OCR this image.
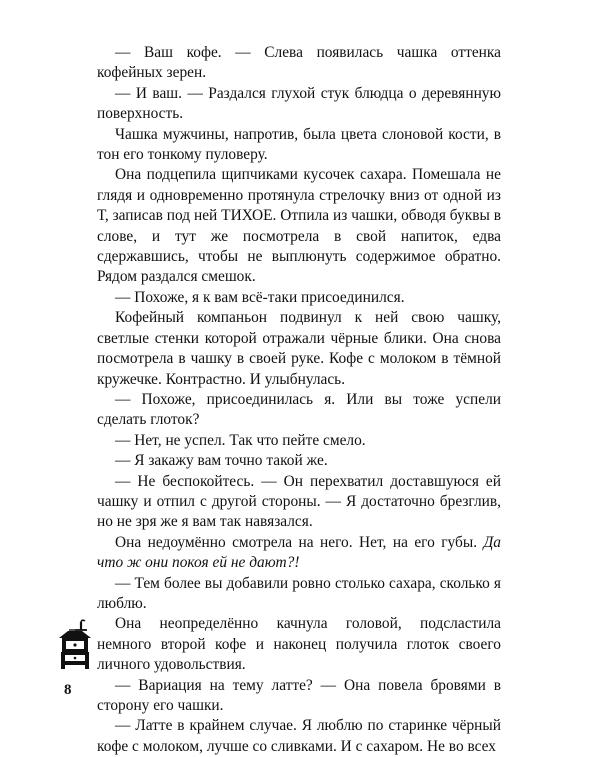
— Ваш кофе. — Слева появилась чашка оттенка кофейных зерен.

— И ваш. — Раздался глухой стук блюдца о деревянную поверхность.

Чашка мужчины, напротив, была цвета слоновой кости, в тон его тонкому пуловеру.

Она подцепила щипчиками кусочек сахара. Помешала не глядя и одновременно протянула стрелочку вниз от одной из Т, записав под ней ТИХОЕ. Отпила из чашки, обводя буквы в слове, и тут же посмотрела в свой напиток, едва сдержавшись, чтобы не выплюнуть содержимое обратно. Рядом раздался смешок.

— Похоже, я к вам всё-таки присоединился.

Кофейный компаньон подвинул к ней свою чашку, светлые стенки которой отражали чёрные блики. Она снова посмотрела в чашку в своей руке. Кофе с молоком в тёмной кружечке. Контрастно. И улыбнулась.

— Похоже, присоединилась я. Или вы тоже успели сделать глоток?

— Нет, не успел. Так что пейте смело.

— Я закажу вам точно такой же.

— Не беспокойтесь. — Он перехватил доставшуюся ей чашку и отпил с другой стороны. — Я достаточно брезглив, но не зря же я вам так навязался.

Она недоумённо смотрела на него. Нет, на его губы. Да что ж они покоя ей не дают?!

— Тем более вы добавили ровно столько сахара, сколько я люблю.

Она неопределённо качнула головой, подсластила немного второй кофе и наконец получила глоток своего личного удовольствия.

— Вариация на тему латте? — Она повела бровями в сторону его чашки.

— Латте в крайнем случае. Я люблю по старинке чёрный кофе с молоком, лучше со сливками. И с сахаром. Не во всех

8
